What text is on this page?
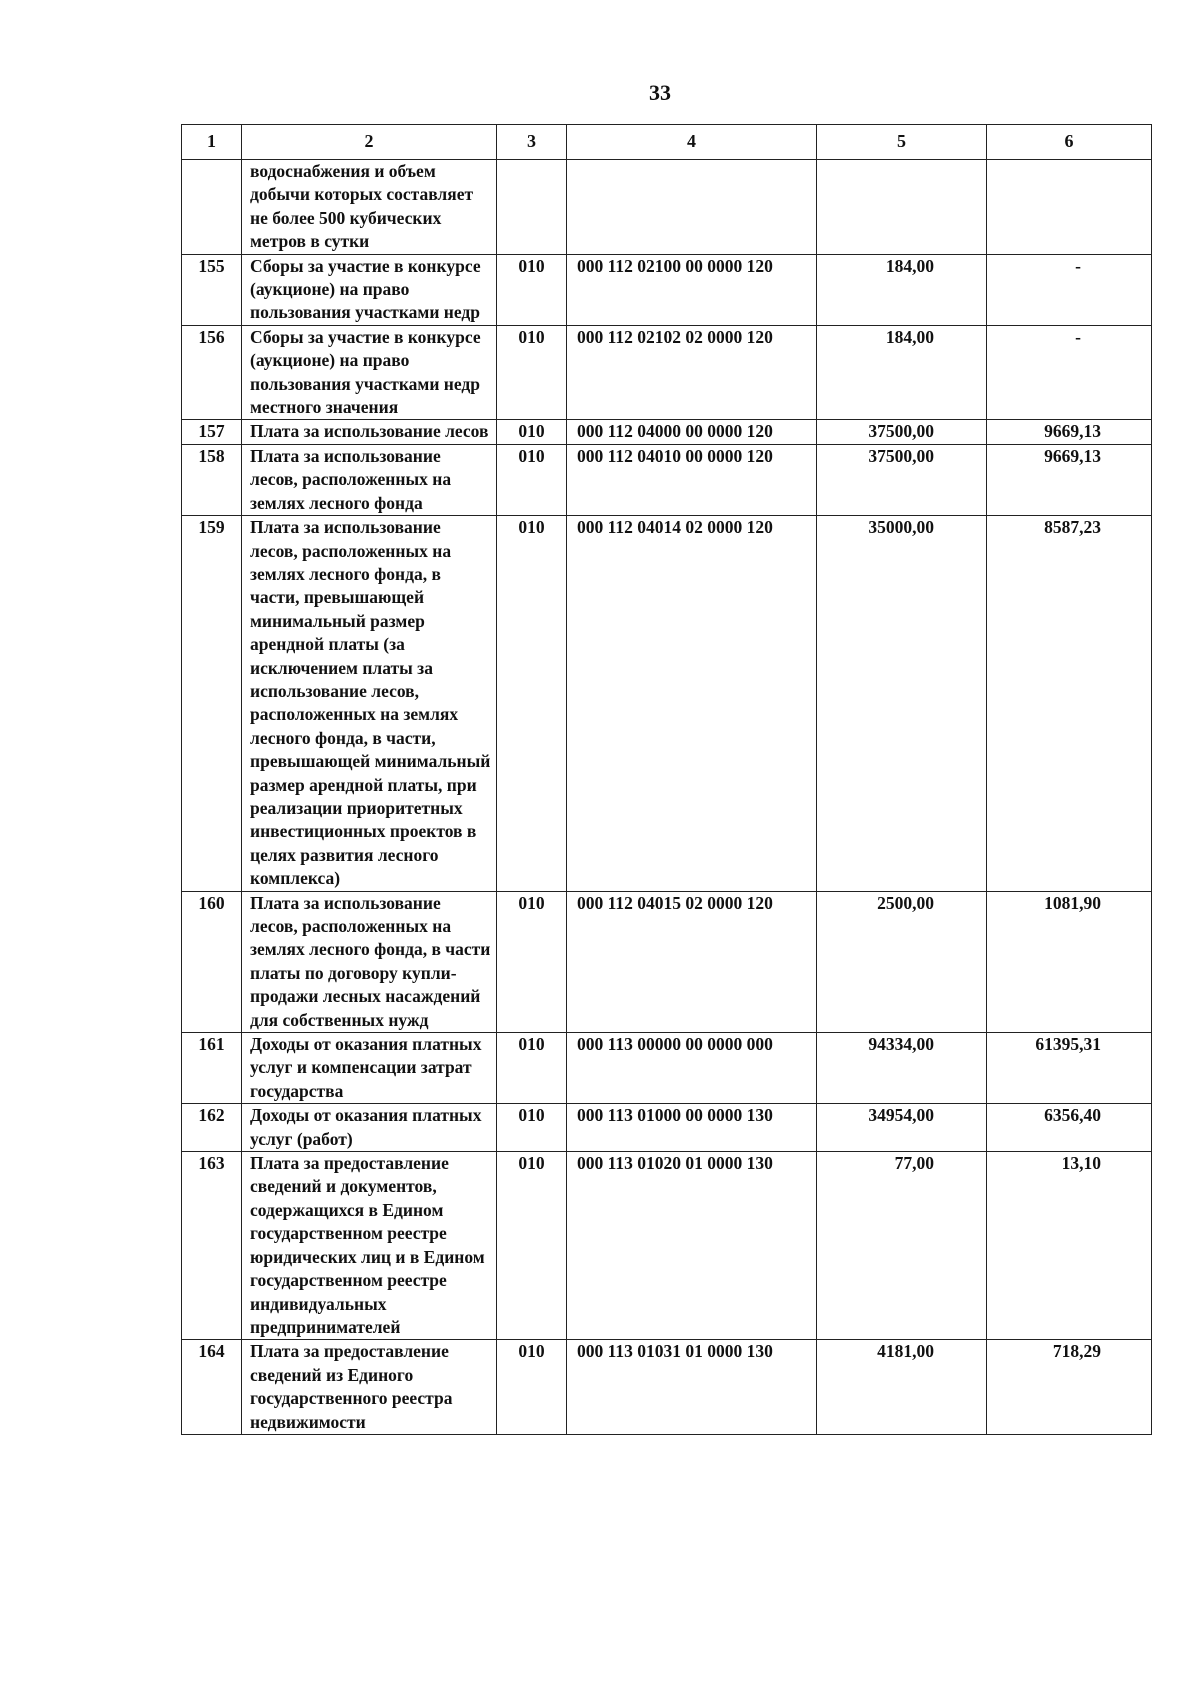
33
1	2	3	4	5	6
	водоснабжения и объем добычи которых составляет не более 500 кубических метров в сутки				
155	Сборы за участие в конкурсе (аукционе) на право пользования участками недр	010	000 112 02100 00 0000 120	184,00	-
156	Сборы за участие в конкурсе (аукционе) на право пользования участками недр местного значения	010	000 112 02102 02 0000 120	184,00	-
157	Плата за использование лесов	010	000 112 04000 00 0000 120	37500,00	9669,13
158	Плата за использование лесов, расположенных на землях лесного фонда	010	000 112 04010 00 0000 120	37500,00	9669,13
159	Плата за использование лесов, расположенных на землях лесного фонда, в части, превышающей минимальный размер арендной платы (за исключением платы за использование лесов, расположенных на землях лесного фонда, в части, превышающей минимальный размер арендной платы, при реализации приоритетных инвестиционных проектов в целях развития лесного комплекса)	010	000 112 04014 02 0000 120	35000,00	8587,23
160	Плата за использование лесов, расположенных на землях лесного фонда, в части платы по договору купли-продажи лесных насаждений для собственных нужд	010	000 112 04015 02 0000 120	2500,00	1081,90
161	Доходы от оказания платных услуг и компенсации затрат государства	010	000 113 00000 00 0000 000	94334,00	61395,31
162	Доходы от оказания платных услуг (работ)	010	000 113 01000 00 0000 130	34954,00	6356,40
163	Плата за предоставление сведений и документов, содержащихся в Едином государственном реестре юридических лиц и в Едином государственном реестре индивидуальных предпринимателей	010	000 113 01020 01 0000 130	77,00	13,10
164	Плата за предоставление сведений из Единого государственного реестра недвижимости	010	000 113 01031 01 0000 130	4181,00	718,29
